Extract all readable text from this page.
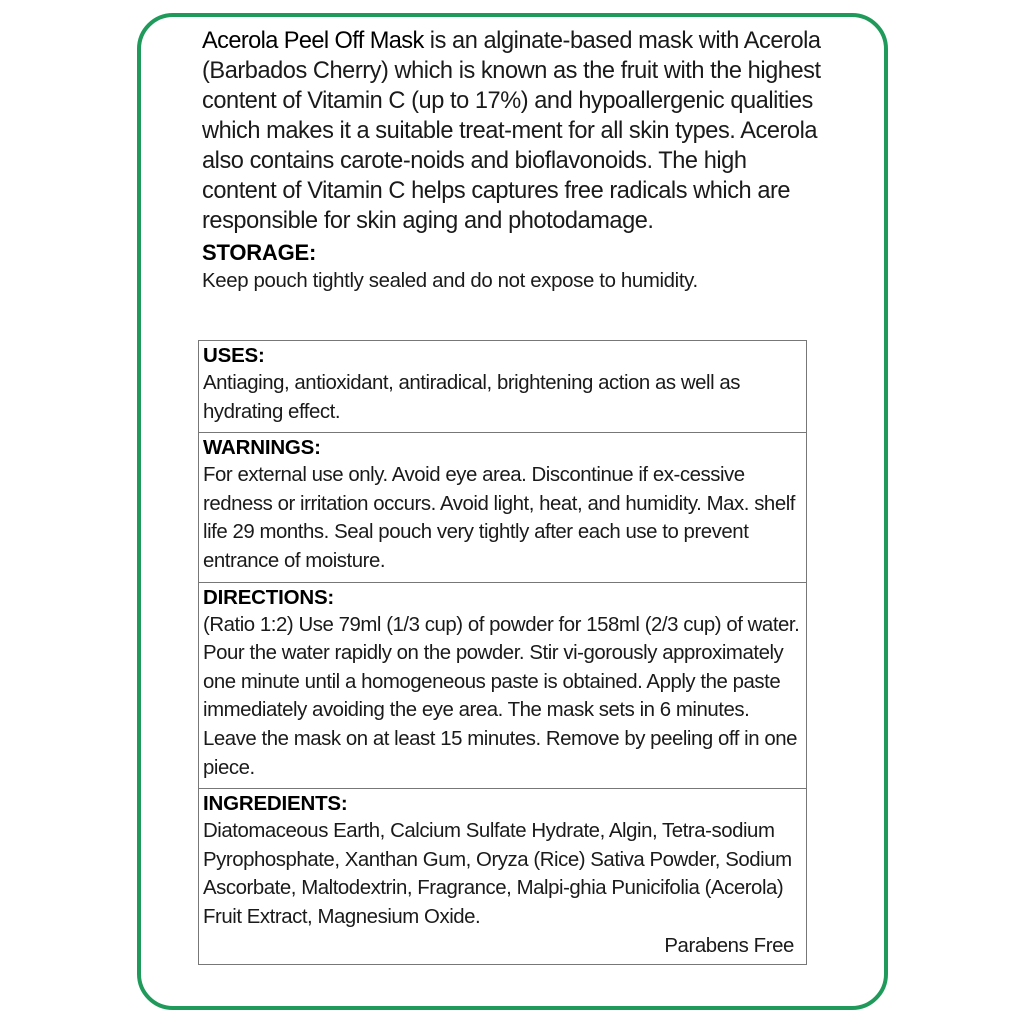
Acerola Peel Off Mask is an alginate-based mask with Acerola (Barbados Cherry) which is known as the fruit with the highest content of Vitamin C (up to 17%) and hypoallergenic qualities which makes it a suitable treat-ment for all skin types. Acerola also contains carote-noids and bioflavonoids. The high content of Vitamin C helps captures free radicals which are responsible for skin aging and photodamage.

STORAGE:
Keep pouch tightly sealed and do not expose to humidity.
USES:
Antiaging, antioxidant, antiradical, brightening action as well as hydrating effect.
WARNINGS:
For external use only. Avoid eye area. Discontinue if ex-cessive redness or irritation occurs. Avoid light, heat, and humidity. Max. shelf life 29 months. Seal pouch very tightly after each use to prevent entrance of moisture.
DIRECTIONS:
(Ratio 1:2) Use 79ml (1/3 cup) of powder for 158ml (2/3 cup) of water. Pour the water rapidly on the powder. Stir vi-gorously approximately one minute until a homogeneous paste is obtained. Apply the paste immediately avoiding the eye area. The mask sets in 6 minutes. Leave the mask on at least 15 minutes. Remove by peeling off in one piece.
INGREDIENTS:
Diatomaceous Earth, Calcium Sulfate Hydrate, Algin, Tetra-sodium Pyrophosphate, Xanthan Gum, Oryza (Rice) Sativa Powder, Sodium Ascorbate, Maltodextrin, Fragrance, Malpi-ghia Punicifolia (Acerola) Fruit Extract, Magnesium Oxide.
Parabens Free
